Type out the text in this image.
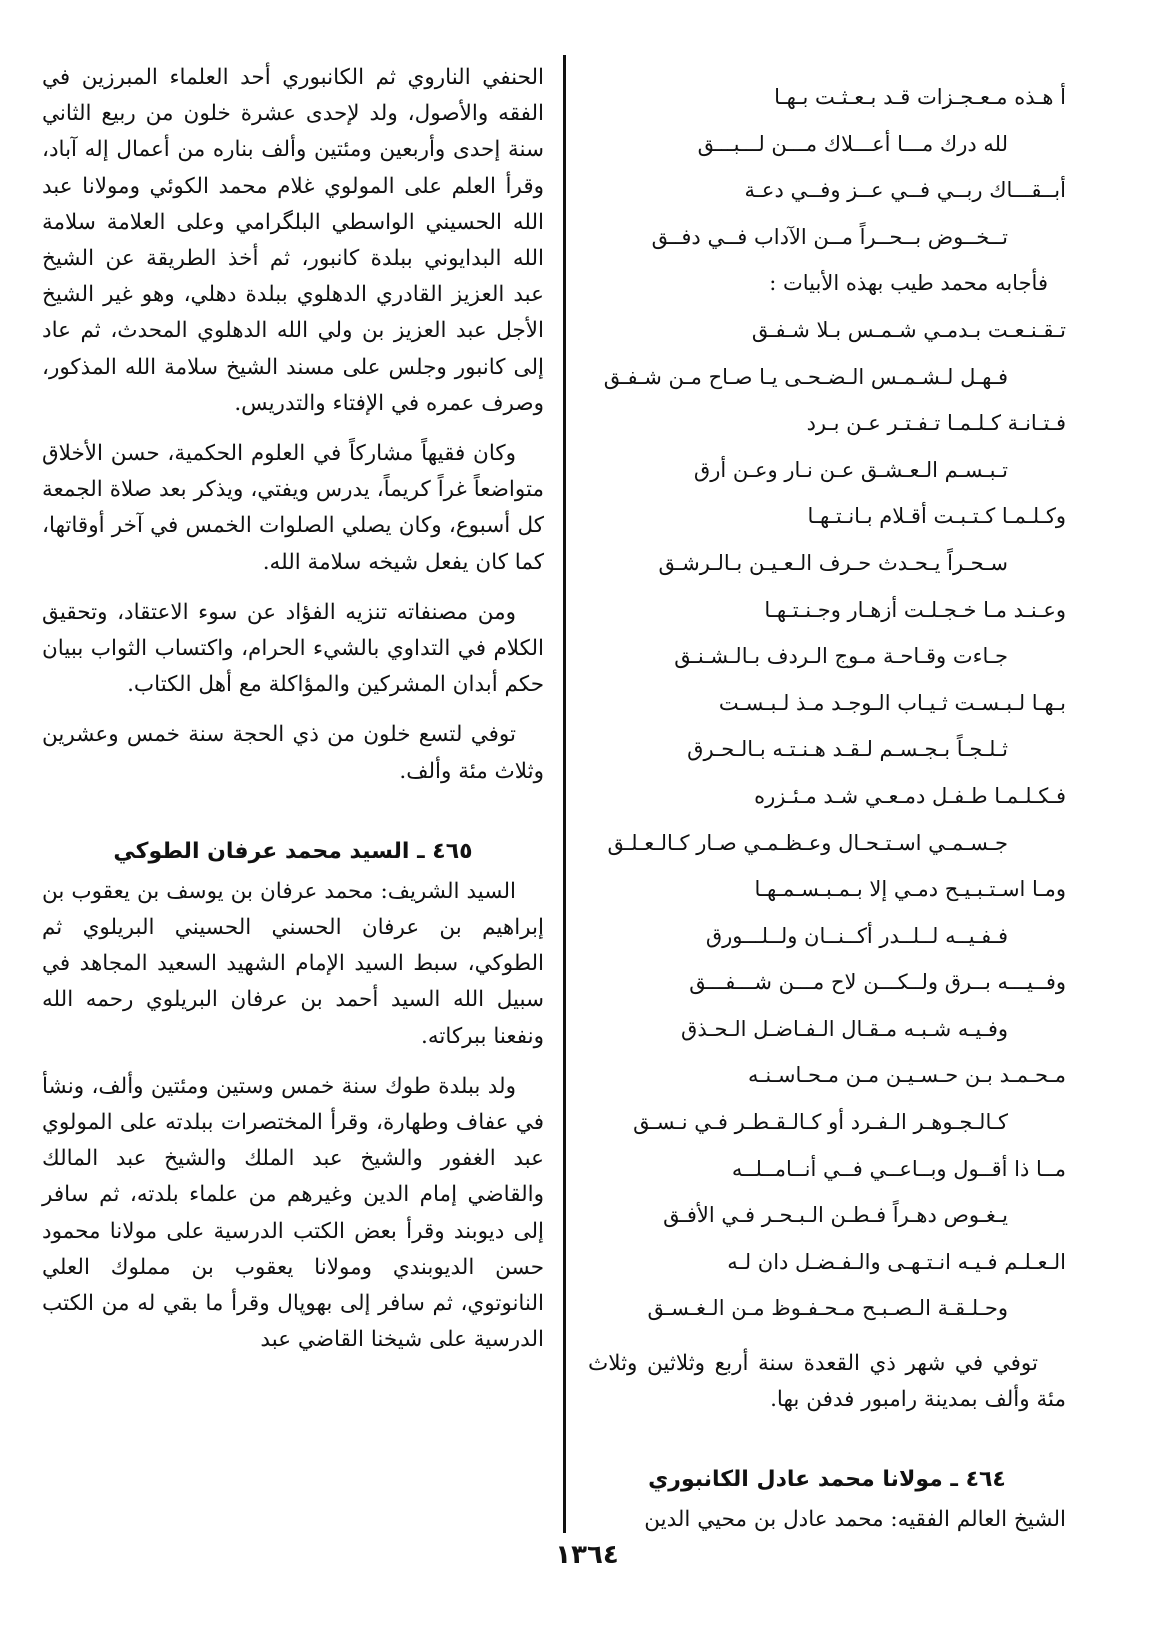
أ هـذه مـعـجـزات قـد بـعـثـت بـهـا
لله درك مـــا أعـــلاك مـــن لـــبـــق
أبــقـــاك ربــي فــي عــز وفــي دعـة
تــخــوض بــحــراً مــن الآداب فــي دفــق
فأجابه محمد طيب بهذه الأبيات :
تـقـنـعـت بـدمـي شـمـس بـلا شـفـق
فـهـل لـشـمـس الـضـحـى يـا صـاح مـن شـفـق
فـتـانـة كـلـمـا تـفـتـر عـن بـرد
تـبـسـم الـعـشـق عـن نـار وعـن أرق
وكـلـمـا كـتـبـت أقـلام بـانـتـهـا
سـحـراً يـحـدث حـرف الـعـيـن بـالـرشـق
وعـنـد مـا خـجـلـت أزهـار وجـنـتـهـا
جـاءت وقـاحـة مـوج الـردف بـالـشـنـق
بـهـا لـبـسـت ثـيـاب الـوجـد مـذ لـبـسـت
ثـلـجـاً بـجـسـم لـقـد هـنـتـه بـالـحـرق
فـكـلـمـا طـفـل دمـعـي شـد مـئـزره
جـسـمـي اسـتـحـال وعـظـمـي صـار كـالـعـلـق
ومـا اسـتـبـيـح دمـي إلا بـمـبـسـمـهـا
فـفـيــه لــلــدر أكــنــان ولــلـــورق
وفــيـــه بــرق ولــكـــن لاح مـــن شـــفـــق
وفـيـه شـبـه مـقـال الـفـاضـل الـحـذق
مـحـمـد بـن حـسـيـن مـن مـحـاسـنـه
كـالـجـوهـر الـفـرد أو كـالـقـطـر فـي نـسـق
مــا ذا أقــول وبــاعــي فــي أنــامــلــه
يـغـوص دهـراً فـطـن الـبـحـر فـي الأفـق
الـعـلـم فـيـه انـتـهـى والـفـضـل دان لـه
وحـلـقـة الـصـبـح مـحـفـوظ مـن الـغـسـق

توفي في شهر ذي القعدة سنة أربع وثلاثين وثلاث مئة وألف بمدينة رامبور فدفن بها.

٤٦٤ ـ مولانا محمد عادل الكانبوري

الشيخ العالم الفقيه: محمد عادل بن محيي الدين

الحنفي الناروي ثم الكانبوري أحد العلماء المبرزين في الفقه والأصول، ولد لإحدى عشرة خلون من ربيع الثاني سنة إحدى وأربعين ومئتين وألف بناره من أعمال إله آباد، وقرأ العلم على المولوي غلام محمد الكوئي ومولانا عبد الله الحسيني الواسطي البلگرامي وعلى العلامة سلامة الله البدايوني ببلدة كانبور، ثم أخذ الطريقة عن الشيخ عبد العزيز القادري الدهلوي ببلدة دهلي، وهو غير الشيخ الأجل عبد العزيز بن ولي الله الدهلوي المحدث، ثم عاد إلى كانبور وجلس على مسند الشيخ سلامة الله المذكور، وصرف عمره في الإفتاء والتدريس.

وكان فقيهاً مشاركاً في العلوم الحكمية، حسن الأخلاق متواضعاً غراً كريماً، يدرس ويفتي، ويذكر بعد صلاة الجمعة كل أسبوع، وكان يصلي الصلوات الخمس في آخر أوقاتها، كما كان يفعل شيخه سلامة الله.

ومن مصنفاته تنزيه الفؤاد عن سوء الاعتقاد، وتحقيق الكلام في التداوي بالشيء الحرام، واكتساب الثواب ببيان حكم أبدان المشركين والمؤاكلة مع أهل الكتاب.

توفي لتسع خلون من ذي الحجة سنة خمس وعشرين وثلاث مئة وألف.

٤٦٥ ـ السيد محمد عرفان الطوكي

السيد الشريف: محمد عرفان بن يوسف بن يعقوب بن إبراهيم بن عرفان الحسني الحسيني البريلوي ثم الطوكي، سبط السيد الإمام الشهيد السعيد المجاهد في سبيل الله السيد أحمد بن عرفان البريلوي رحمه الله ونفعنا ببركاته.

ولد ببلدة طوك سنة خمس وستين ومئتين وألف، ونشأ في عفاف وطهارة، وقرأ المختصرات ببلدته على المولوي عبد الغفور والشيخ عبد الملك والشيخ عبد المالك والقاضي إمام الدين وغيرهم من علماء بلدته، ثم سافر إلى ديوبند وقرأ بعض الكتب الدرسية على مولانا محمود حسن الديوبندي ومولانا يعقوب بن مملوك العلي النانوتوي، ثم سافر إلى بهوپال وقرأ ما بقي له من الكتب الدرسية على شيخنا القاضي عبد

١٣٦٤
